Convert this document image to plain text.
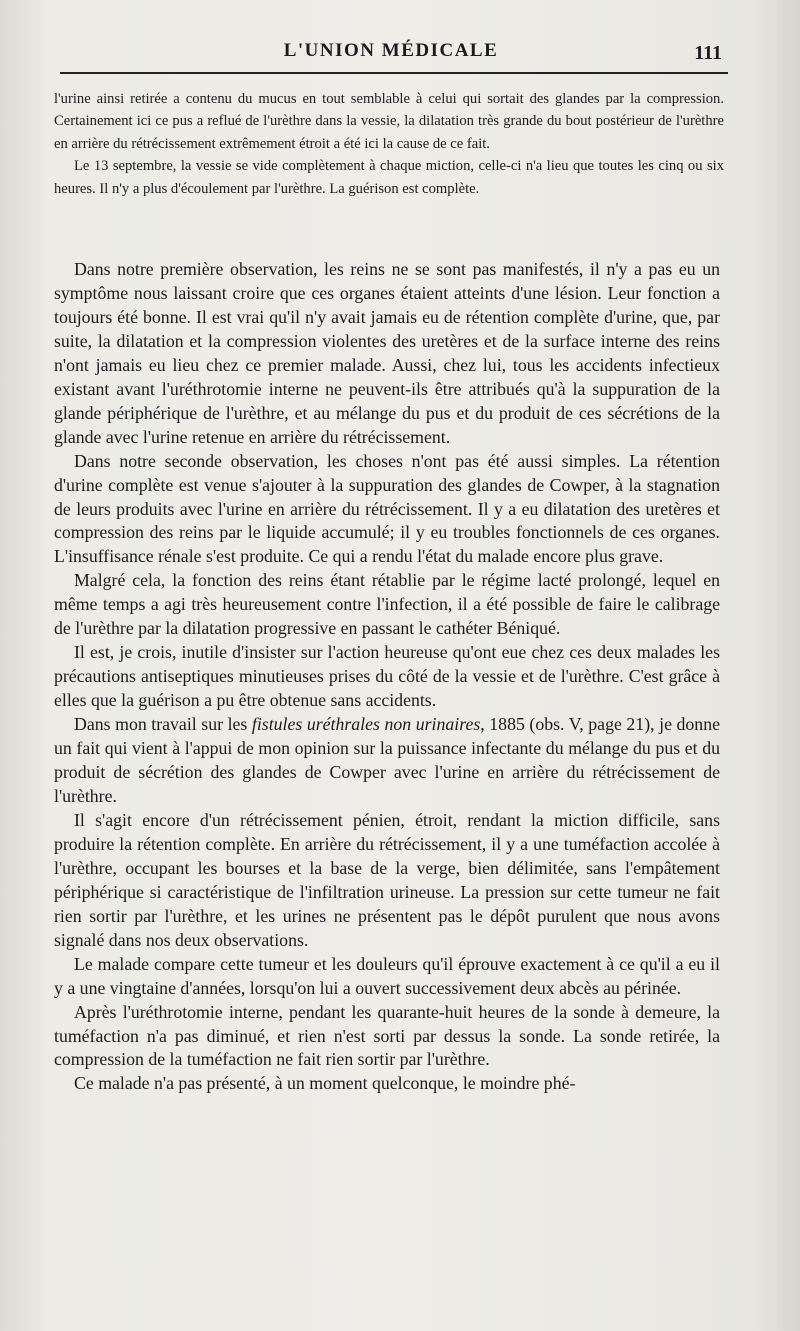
L'UNION MÉDICALE	111

l'urine ainsi retirée a contenu du mucus en tout semblable à celui qui sortait des glandes par la compression. Certainement ici ce pus a reflué de l'urèthre dans la vessie, la dilatation très grande du bout postérieur de l'urèthre en arrière du rétrécissement extrêmement étroit a été ici la cause de ce fait.

Le 13 septembre, la vessie se vide complètement à chaque miction, celle-ci n'a lieu que toutes les cinq ou six heures. Il n'y a plus d'écoulement par l'urèthre. La guérison est complète.

Dans notre première observation, les reins ne se sont pas manifestés, il n'y a pas eu un symptôme nous laissant croire que ces organes étaient atteints d'une lésion. Leur fonction a toujours été bonne. Il est vrai qu'il n'y avait jamais eu de rétention complète d'urine, que, par suite, la dilatation et la compression violentes des uretères et de la surface interne des reins n'ont jamais eu lieu chez ce premier malade. Aussi, chez lui, tous les accidents infectieux existant avant l'uréthrotomie interne ne peuvent-ils être attribués qu'à la suppuration de la glande périphérique de l'urèthre, et au mélange du pus et du produit de ces sécrétions de la glande avec l'urine retenue en arrière du rétrécissement.

Dans notre seconde observation, les choses n'ont pas été aussi simples. La rétention d'urine complète est venue s'ajouter à la suppuration des glandes de Cowper, à la stagnation de leurs produits avec l'urine en arrière du rétrécissement. Il y a eu dilatation des uretères et compression des reins par le liquide accumulé; il y eu troubles fonctionnels de ces organes. L'insuffisance rénale s'est produite. Ce qui a rendu l'état du malade encore plus grave.

Malgré cela, la fonction des reins étant rétablie par le régime lacté prolongé, lequel en même temps a agi très heureusement contre l'infection, il a été possible de faire le calibrage de l'urèthre par la dilatation progressive en passant le cathéter Béniqué.

Il est, je crois, inutile d'insister sur l'action heureuse qu'ont eue chez ces deux malades les précautions antiseptiques minutieuses prises du côté de la vessie et de l'urèthre. C'est grâce à elles que la guérison a pu être obtenue sans accidents.

Dans mon travail sur les fistules uréthrales non urinaires, 1885 (obs. V, page 21), je donne un fait qui vient à l'appui de mon opinion sur la puissance infectante du mélange du pus et du produit de sécrétion des glandes de Cowper avec l'urine en arrière du rétrécissement de l'urèthre.

Il s'agit encore d'un rétrécissement pénien, étroit, rendant la miction difficile, sans produire la rétention complète. En arrière du rétrécissement, il y a une tuméfaction accolée à l'urèthre, occupant les bourses et la base de la verge, bien délimitée, sans l'empâtement périphérique si caractéristique de l'infiltration urineuse. La pression sur cette tumeur ne fait rien sortir par l'urèthre, et les urines ne présentent pas le dépôt purulent que nous avons signalé dans nos deux observations.

Le malade compare cette tumeur et les douleurs qu'il éprouve exactement à ce qu'il a eu il y a une vingtaine d'années, lorsqu'on lui a ouvert successivement deux abcès au périnée.

Après l'uréthrotomie interne, pendant les quarante-huit heures de la sonde à demeure, la tuméfaction n'a pas diminué, et rien n'est sorti par dessus la sonde. La sonde retirée, la compression de la tuméfaction ne fait rien sortir par l'urèthre.

Ce malade n'a pas présenté, à un moment quelconque, le moindre phé-
